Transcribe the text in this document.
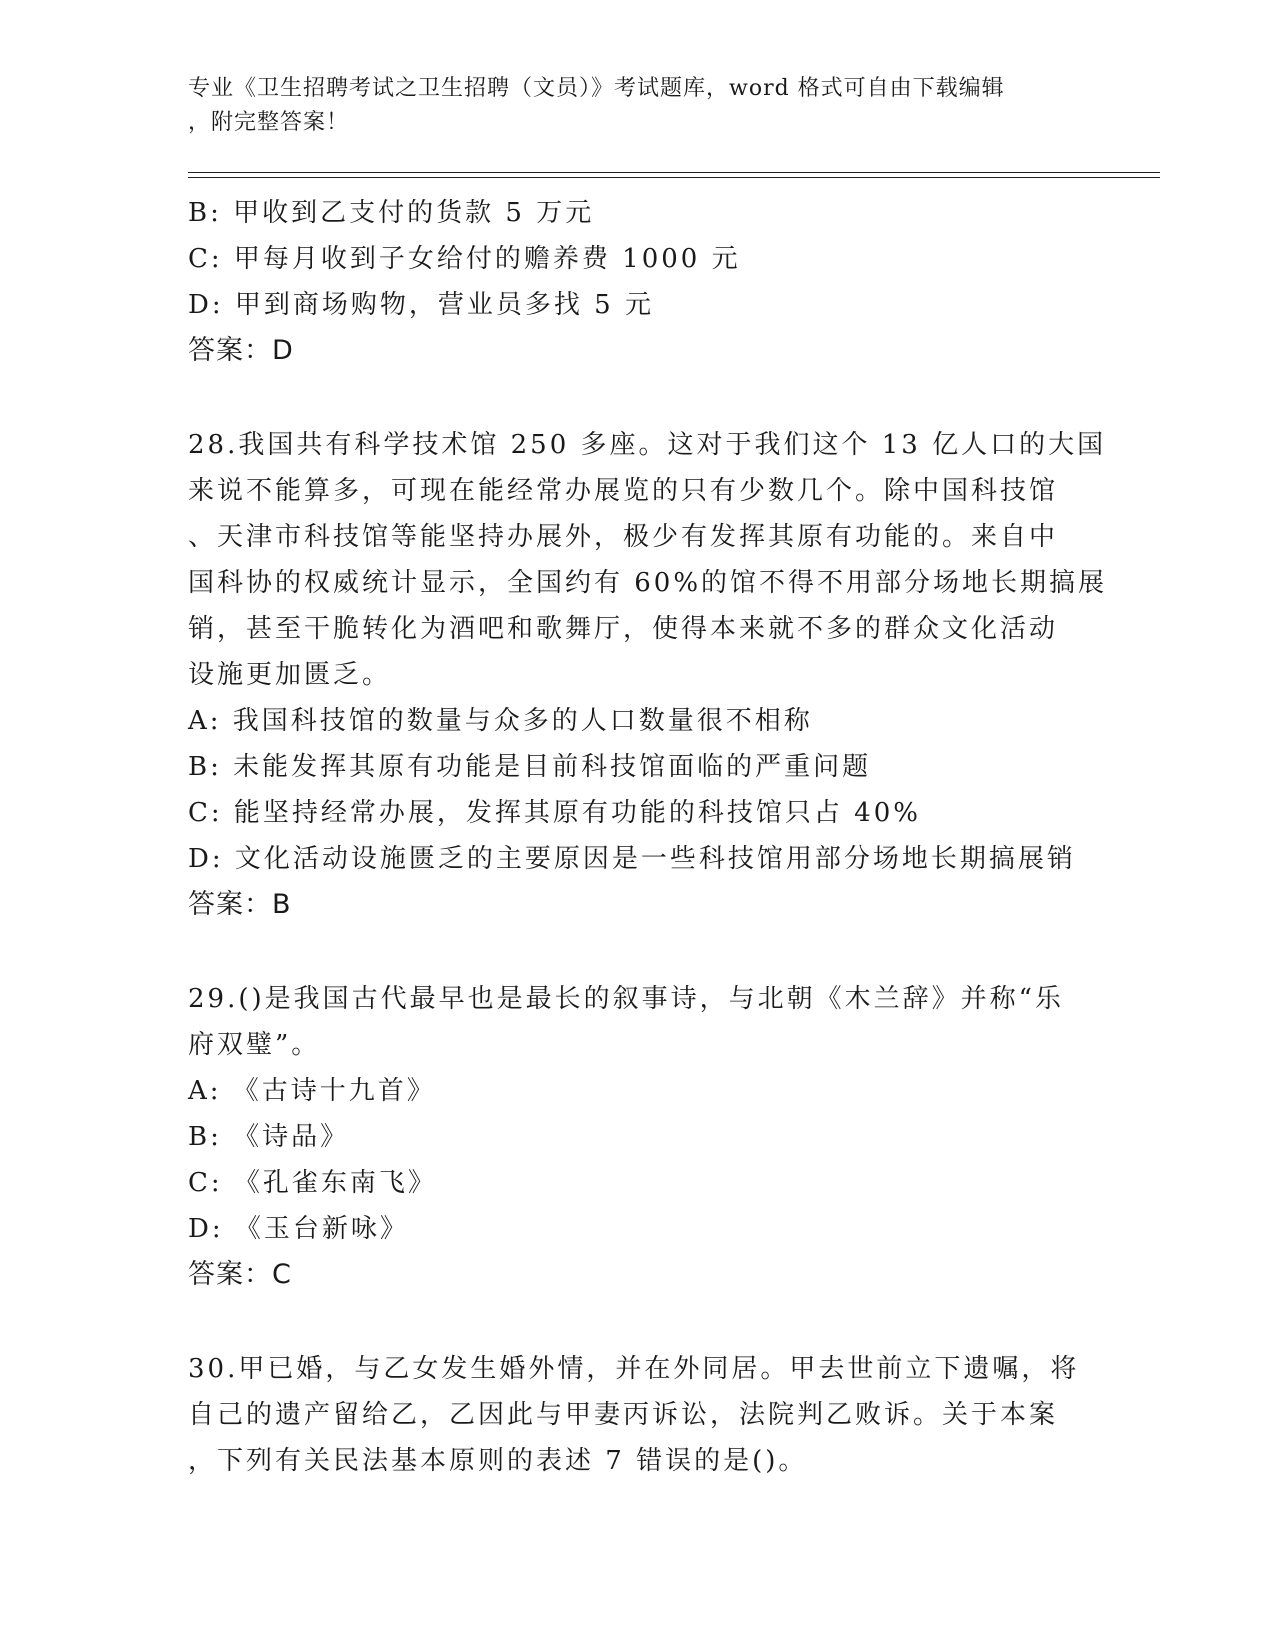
专业《卫生招聘考试之卫生招聘（文员）》考试题库，word 格式可自由下载编辑
，附完整答案！
B: 甲收到乙支付的货款 5 万元
C: 甲每月收到子女给付的赡养费 1000 元
D: 甲到商场购物，营业员多找 5 元
答案：D
28.我国共有科学技术馆 250 多座。这对于我们这个 13 亿人口的大国
来说不能算多，可现在能经常办展览的只有少数几个。除中国科技馆
、天津市科技馆等能坚持办展外，极少有发挥其原有功能的。来自中
国科协的权威统计显示，全国约有 60%的馆不得不用部分场地长期搞展
销，甚至干脆转化为酒吧和歌舞厅，使得本来就不多的群众文化活动
设施更加匮乏。
A: 我国科技馆的数量与众多的人口数量很不相称
B: 未能发挥其原有功能是目前科技馆面临的严重问题
C: 能坚持经常办展，发挥其原有功能的科技馆只占 40%
D: 文化活动设施匮乏的主要原因是一些科技馆用部分场地长期搞展销
答案：B
29.()是我国古代最早也是最长的叙事诗，与北朝《木兰辞》并称“乐
府双璧”。
A: 《古诗十九首》
B: 《诗品》
C: 《孔雀东南飞》
D: 《玉台新咏》
答案：C
30.甲已婚，与乙女发生婚外情，并在外同居。甲去世前立下遗嘱，将
自己的遗产留给乙，乙因此与甲妻丙诉讼，法院判乙败诉。关于本案
，下列有关民法基本原则的表述 7 错误的是()。
